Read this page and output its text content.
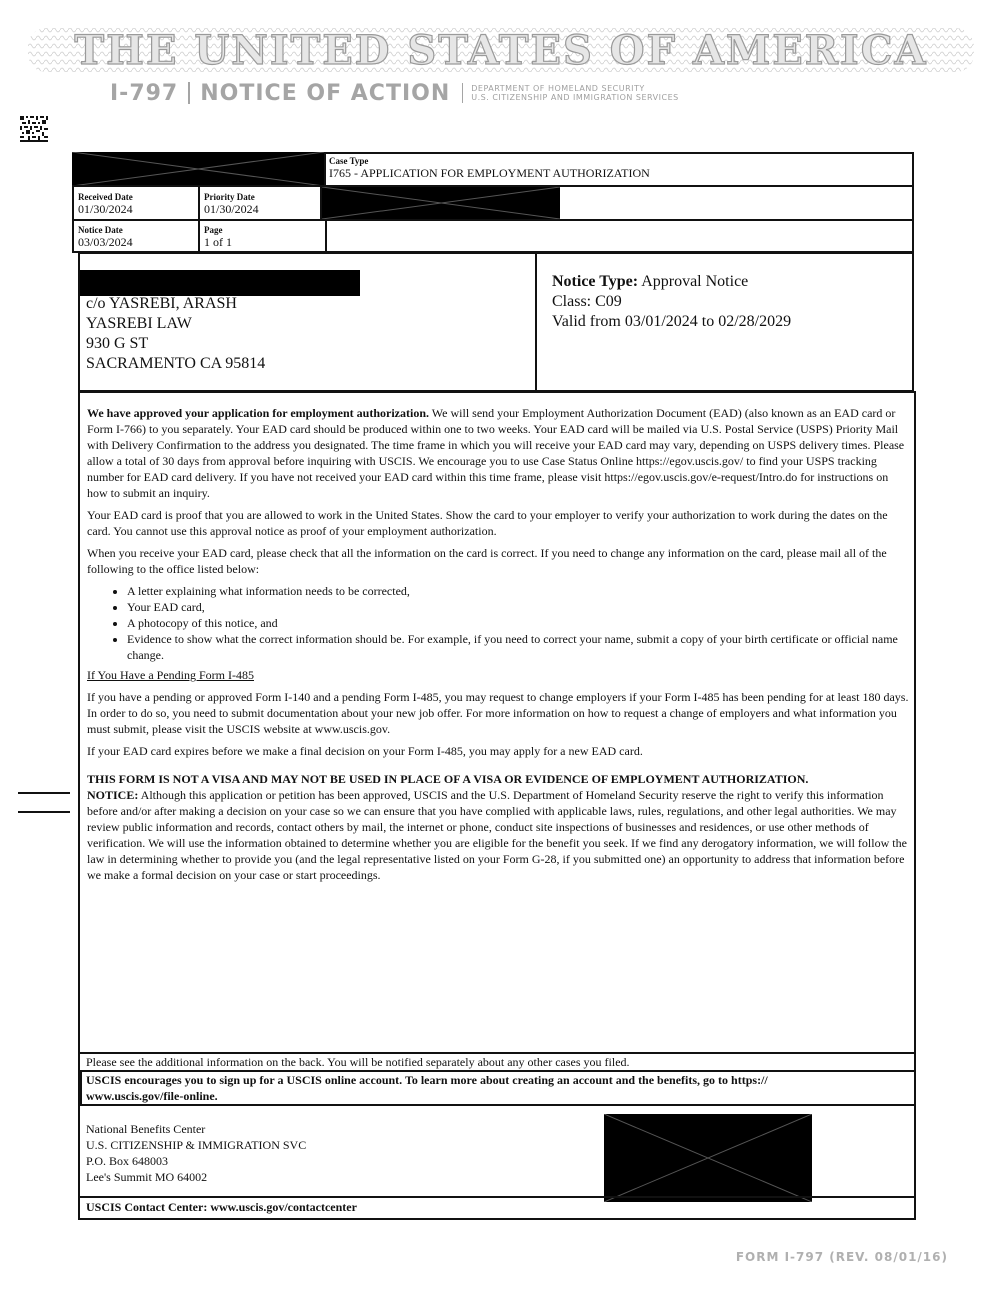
THE UNITED STATES OF AMERICA
I-797 NOTICE OF ACTION	DEPARTMENT OF HOMELAND SECURITY
U.S. CITIZENSHIP AND IMMIGRATION SERVICES
Case Type
I765 - APPLICATION FOR EMPLOYMENT AUTHORIZATION
Received Date
01/30/2024
Priority Date
01/30/2024
Notice Date
03/03/2024
Page
1 of 1
c/o YASREBI, ARASH
YASREBI LAW
930 G ST
SACRAMENTO CA 95814
Notice Type: Approval Notice
Class: C09
Valid from 03/01/2024 to 02/28/2029

We have approved your application for employment authorization. We will send your Employment Authorization Document (EAD) (also known as an EAD card or Form I-766) to you separately. Your EAD card should be produced within one to two weeks. Your EAD card will be mailed via U.S. Postal Service (USPS) Priority Mail with Delivery Confirmation to the address you designated. The time frame in which you will receive your EAD card may vary, depending on USPS delivery times. Please allow a total of 30 days from approval before inquiring with USCIS. We encourage you to use Case Status Online https://egov.uscis.gov/ to find your USPS tracking number for EAD card delivery. If you have not received your EAD card within this time frame, please visit https://egov.uscis.gov/e-request/Intro.do for instructions on how to submit an inquiry.

Your EAD card is proof that you are allowed to work in the United States. Show the card to your employer to verify your authorization to work during the dates on the card. You cannot use this approval notice as proof of your employment authorization.

When you receive your EAD card, please check that all the information on the card is correct. If you need to change any information on the card, please mail all of the following to the office listed below:

• A letter explaining what information needs to be corrected,
• Your EAD card,
• A photocopy of this notice, and
• Evidence to show what the correct information should be. For example, if you need to correct your name, submit a copy of your birth certificate or official name change.

If You Have a Pending Form I-485

If you have a pending or approved Form I-140 and a pending Form I-485, you may request to change employers if your Form I-485 has been pending for at least 180 days. In order to do so, you need to submit documentation about your new job offer. For more information on how to request a change of employers and what information you must submit, please visit the USCIS website at www.uscis.gov.

If your EAD card expires before we make a final decision on your Form I-485, you may apply for a new EAD card.

THIS FORM IS NOT A VISA AND MAY NOT BE USED IN PLACE OF A VISA OR EVIDENCE OF EMPLOYMENT AUTHORIZATION.

NOTICE: Although this application or petition has been approved, USCIS and the U.S. Department of Homeland Security reserve the right to verify this information before and/or after making a decision on your case so we can ensure that you have complied with applicable laws, rules, regulations, and other legal authorities. We may review public information and records, contact others by mail, the internet or phone, conduct site inspections of businesses and residences, or use other methods of verification. We will use the information obtained to determine whether you are eligible for the benefit you seek. If we find any derogatory information, we will follow the law in determining whether to provide you (and the legal representative listed on your Form G-28, if you submitted one) an opportunity to address that information before we make a formal decision on your case or start proceedings.

Please see the additional information on the back. You will be notified separately about any other cases you filed.
USCIS encourages you to sign up for a USCIS online account. To learn more about creating an account and the benefits, go to https:// www.uscis.gov/file-online.
National Benefits Center
U.S. CITIZENSHIP & IMMIGRATION SVC
P.O. Box 648003
Lee's Summit MO 64002
USCIS Contact Center: www.uscis.gov/contactcenter
FORM I-797 (REV. 08/01/16)
